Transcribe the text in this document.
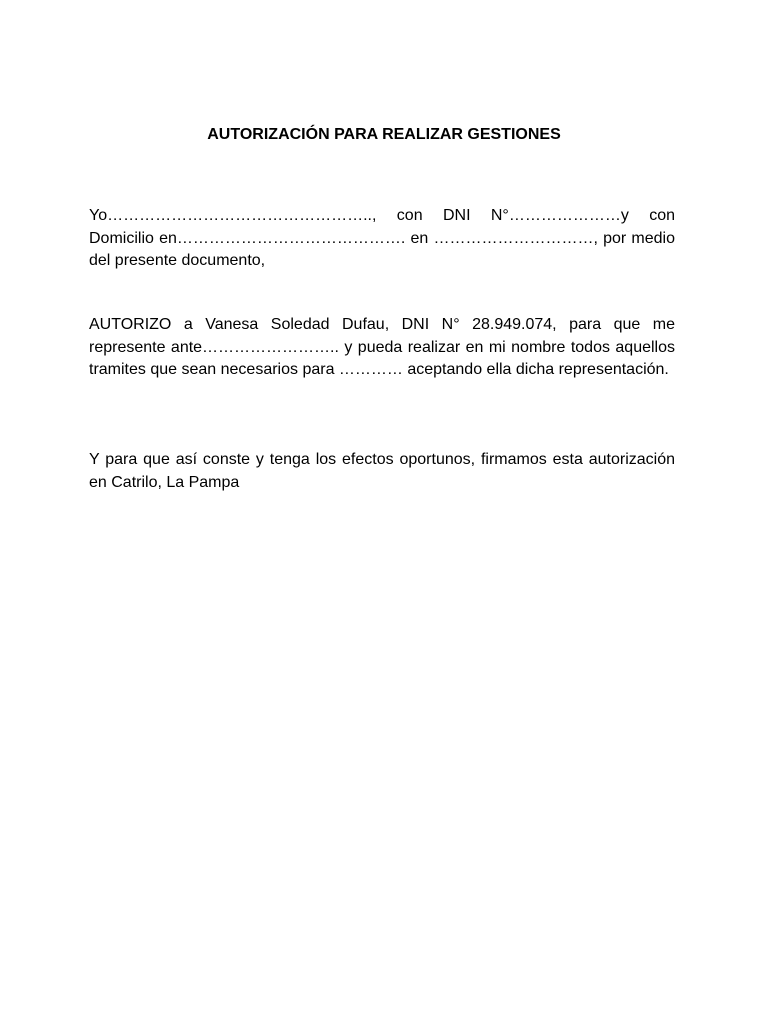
AUTORIZACIÓN PARA REALIZAR GESTIONES

Yo………………………………………….., con DNI N°…………………y con Domicilio en……………………………………. en …………………………, por medio del presente documento,

AUTORIZO a Vanesa Soledad Dufau, DNI N° 28.949.074, para que me represente ante…………………….. y pueda realizar en mi nombre todos aquellos tramites que sean necesarios para ………… aceptando ella dicha representación.

Y para que así conste y tenga los efectos oportunos, firmamos esta autorización en Catrilo, La Pampa
